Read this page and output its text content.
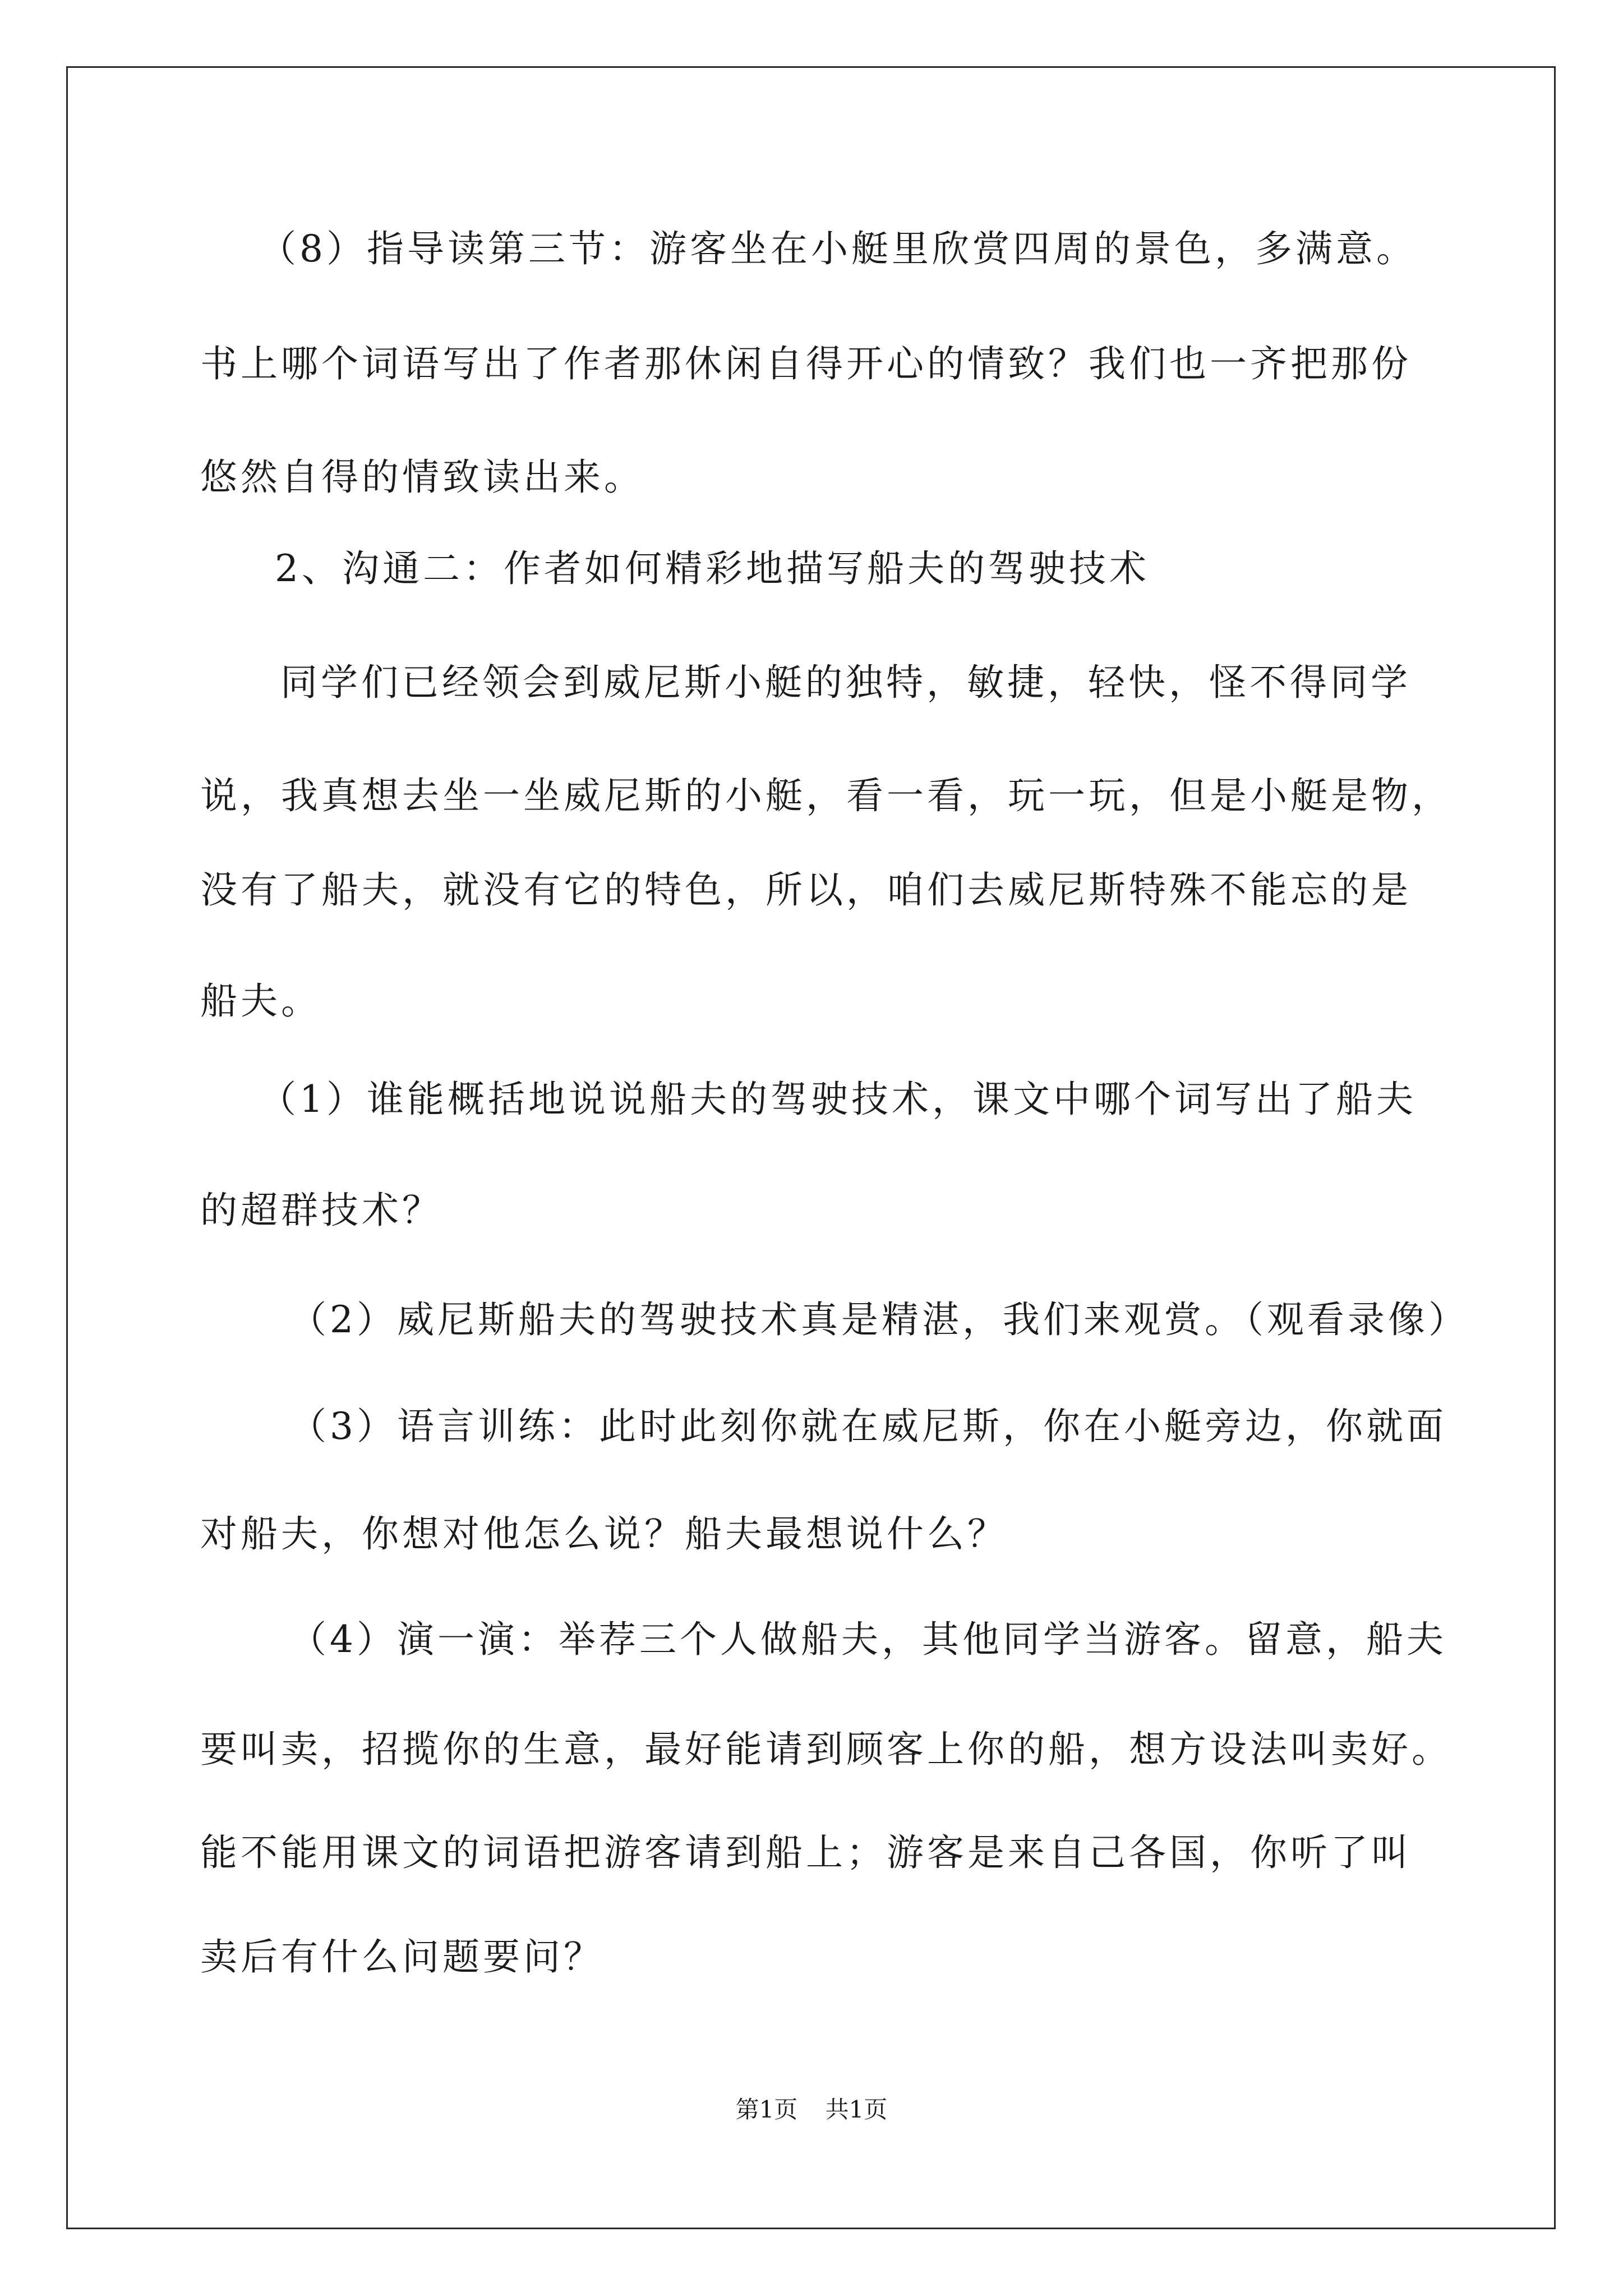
（8）指导读第三节：游客坐在小艇里欣赏四周的景色，多满意。
书上哪个词语写出了作者那休闲自得开心的情致？我们也一齐把那份
悠然自得的情致读出来。
2、沟通二：作者如何精彩地描写船夫的驾驶技术
同学们已经领会到威尼斯小艇的独特，敏捷，轻快，怪不得同学
说，我真想去坐一坐威尼斯的小艇，看一看，玩一玩，但是小艇是物，
没有了船夫，就没有它的特色，所以，咱们去威尼斯特殊不能忘的是
船夫。
（1）谁能概括地说说船夫的驾驶技术，课文中哪个词写出了船夫
的超群技术？
（2）威尼斯船夫的驾驶技术真是精湛，我们来观赏。（观看录像）
（3）语言训练：此时此刻你就在威尼斯，你在小艇旁边，你就面
对船夫，你想对他怎么说？船夫最想说什么？
（4）演一演：举荐三个人做船夫，其他同学当游客。留意，船夫
要叫卖，招揽你的生意，最好能请到顾客上你的船，想方设法叫卖好。
能不能用课文的词语把游客请到船上；游客是来自己各国，你听了叫
卖后有什么问题要问？
第1页 共1页
